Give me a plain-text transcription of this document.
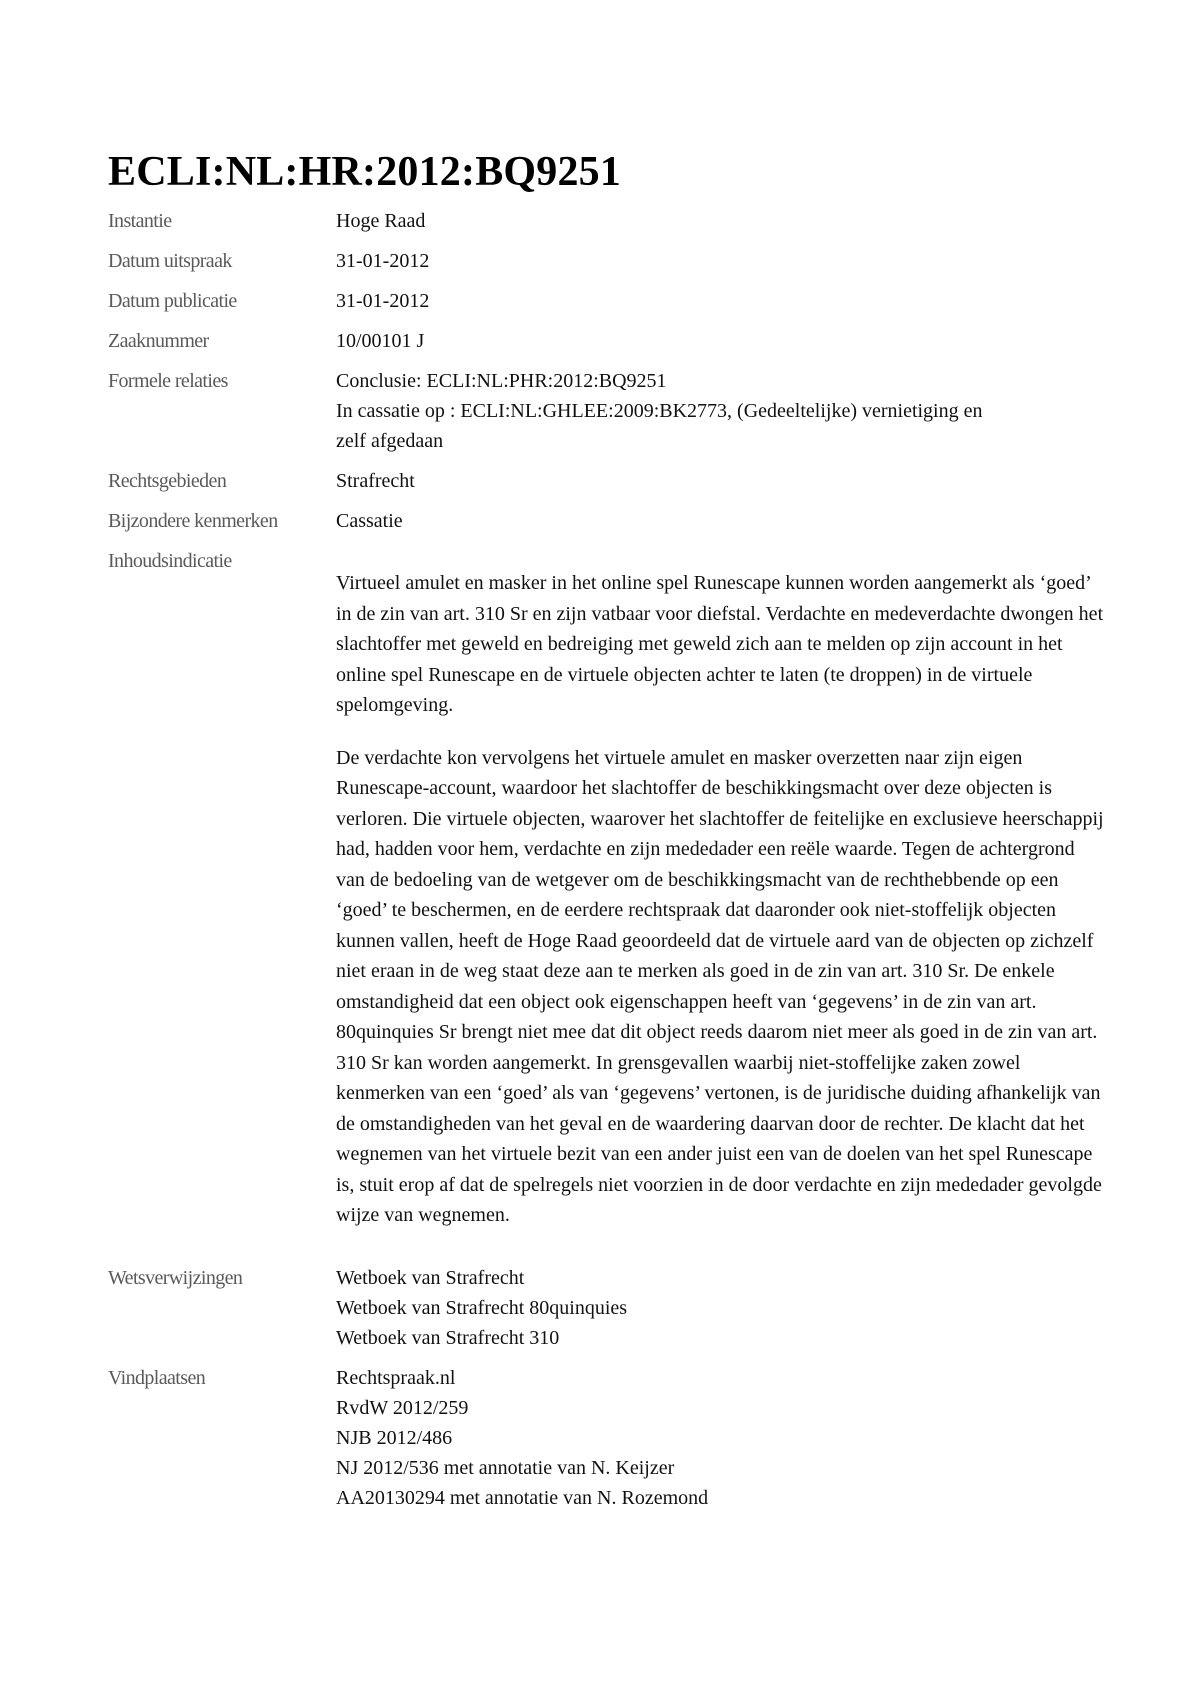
ECLI:NL:HR:2012:BQ9251
Instantie	Hoge Raad
Datum uitspraak	31-01-2012
Datum publicatie	31-01-2012
Zaaknummer	10/00101 J
Formele relaties	Conclusie: ECLI:NL:PHR:2012:BQ9251
In cassatie op : ECLI:NL:GHLEE:2009:BK2773, (Gedeeltelijke) vernietiging en
zelf afgedaan
Rechtsgebieden	Strafrecht
Bijzondere kenmerken	Cassatie
Inhoudsindicatie

Virtueel amulet en masker in het online spel Runescape kunnen worden aangemerkt als ‘goed’ in de zin van art. 310 Sr en zijn vatbaar voor diefstal. Verdachte en medeverdachte dwongen het slachtoffer met geweld en bedreiging met geweld zich aan te melden op zijn account in het online spel Runescape en de virtuele objecten achter te laten (te droppen) in de virtuele spelomgeving.

De verdachte kon vervolgens het virtuele amulet en masker overzetten naar zijn eigen Runescape-account, waardoor het slachtoffer de beschikkingsmacht over deze objecten is verloren. Die virtuele objecten, waarover het slachtoffer de feitelijke en exclusieve heerschappij had, hadden voor hem, verdachte en zijn mededader een reële waarde. Tegen de achtergrond van de bedoeling van de wetgever om de beschikkingsmacht van de rechthebbende op een ‘goed’ te beschermen, en de eerdere rechtspraak dat daaronder ook niet-stoffelijk objecten kunnen vallen, heeft de Hoge Raad geoordeeld dat de virtuele aard van de objecten op zichzelf niet eraan in de weg staat deze aan te merken als goed in de zin van art. 310 Sr. De enkele omstandigheid dat een object ook eigenschappen heeft van ‘gegevens’ in de zin van art. 80quinquies Sr brengt niet mee dat dit object reeds daarom niet meer als goed in de zin van art. 310 Sr kan worden aangemerkt. In grensgevallen waarbij niet-stoffelijke zaken zowel kenmerken van een ‘goed’ als van ‘gegevens’ vertonen, is de juridische duiding afhankelijk van de omstandigheden van het geval en de waardering daarvan door de rechter. De klacht dat het wegnemen van het virtuele bezit van een ander juist een van de doelen van het spel Runescape is, stuit erop af dat de spelregels niet voorzien in de door verdachte en zijn mededader gevolgde wijze van wegnemen.

Wetsverwijzingen	Wetboek van Strafrecht
Wetboek van Strafrecht 80quinquies
Wetboek van Strafrecht 310
Vindplaatsen	Rechtspraak.nl
RvdW 2012/259
NJB 2012/486
NJ 2012/536 met annotatie van N. Keijzer
AA20130294 met annotatie van N. Rozemond
